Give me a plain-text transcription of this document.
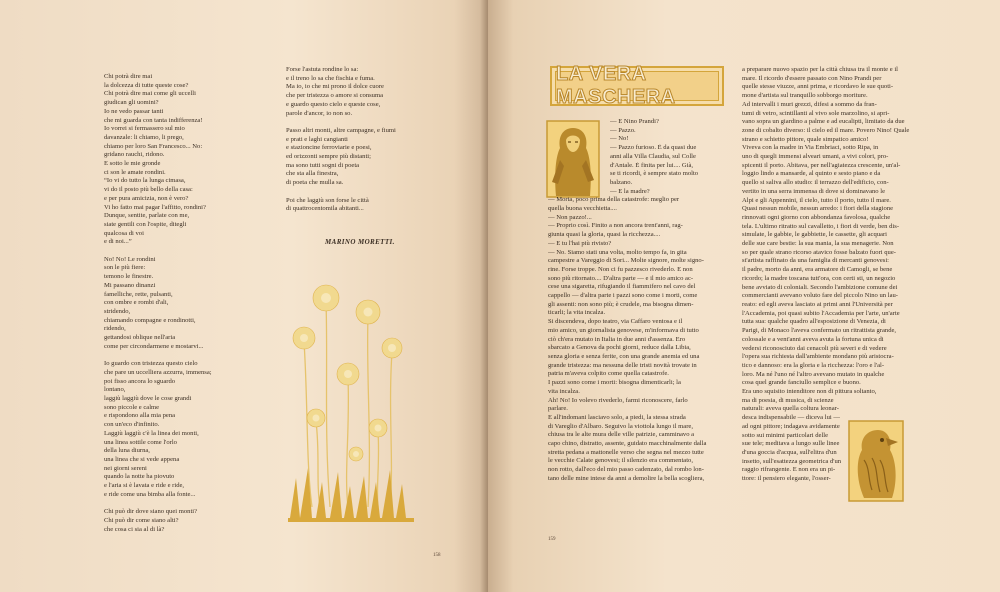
Chi potrà dire mai
la dolcezza di tutte queste cose?
Chi potrà dire mai come gli uccelli
giudican gli uomini?
Io ne vedo passar tanti
che mi guarda con tanta indifferenza!
Io vorrei si fermassero sul mio
davanzale: li chiamo, li prego,
chiamo per loro San Francesco... No:
gridano rauchi, ridono.
E sotto le mie gronde
ci son le amate rondini.
“Io vi do tutto la lunga cimasa,
vi do il posto più bello della casa:
e per pura amicizia, non è vero?
Vi ho fatto mai pagar l'affitto, rondini?
Dunque, sentite, parlate con me,
siate gentili con l'ospite, ditegli
qualcosa di voi
e di noi...”
No! No! Le rondini
son le più fiere:
temono le finestre.
Mi passano dinanzi
famelliche, rette, pulsanti,
con ombre e rombi d'ali,
stridendo,
chiamando compagne e rondinotti,
ridendo,
gettandosi oblique nell'aria
come per circondarmene e mostarvi...
Io guardo con tristezza questo cielo
che pare un uccelliera azzurra, immensa;
poi fisso ancora lo sguardo
lontano,
laggiù laggiù dove le cose grandi
sono piccole e calme
e rispondono alla mia pena
con un'eco d'infinito.
Laggiù laggiù c'è la linea dei monti,
una linea sottile come l'orlo
della luna diurna,
una linea che si vede appena
nei giorni sereni
quando la notte ha piovuto
e l'aria si è lavata e ride e ride,
e ride come una bimba alla fonte...
Chi può dir dove siano quei monti?
Chi può dir come siano alti?
che cosa ci sia al di là?
Forse l'astuta rondine lo sa:
e il treno lo sa che fischia e fuma.
Ma io, io che mi prono il dolce cuore
che per tristezza o amore si consuma
e guardo questo cielo e queste cose,
parole d'ancor, io non so.
Passo altri monti, altre campagne, e fiumi
e prati e laghi cangianti
e stazioncine ferroviarie e poesi,
ed orizzonti sempre più distanti;
ma sono tutti sogni di poeta
che sta alla finestra,
di poeta che mulla sa.
Poi che laggiù son forse le città
di quattrocentomila abitanti...
MARINO MORETTI.
158
LA VERA MASCHERA
— E Nino Prandi?
— Pazzo.
— No!
— Pazzo furioso. È da quasi due
anni alla Villa Claudia, sul Colle
d'Antale. È finita per lui.... Già,
se ti ricordi, è sempre stato molto
balzano.
— E la madre?
— Morta, poco prima della catastrofe: meglio per
quella buona vecchietta....
— Non pazzo!...
— Proprio così. Finito a non ancora trent'anni, rag-
giunta quasi la gloria, quasi la ricchezza....
— E tu l'hai più rivisto?
— No. Siamo stati una volta, molto tempo fa, in gita
campestre a Vareggio di Sori... Molte signore, molte signo-
rine. Forse troppe. Non ci fu pazzesco rivederlo. E non
sono più ritornato.... D'altra parte — e il mio amico ac-
cese una sigaretta, rifugiando il fiammifero nel cavo del
cappello — d'altra parte i pazzi sono come i morti, come
gli assenti: non sono più; è crudele, ma bisogna dimen-
ticarli; la vita incalza.
Si discendeva, dopo teatro, via Caffaro ventosa e il
mio amico, un giornalista genovese, m'informava di tutto
ciò ch'era mutato in Italia in due anni d'assenza. Ero
sbarcato a Genova da pochi giorni, reduce dalla Libia,
senza gloria e senza ferite, con una grande anemia ed una
grande tristezza: ma nessuna delle tristi novità trovate in
patria m'aveva colpito come quella catastrofe.
I pazzi sono come i morti: bisogna dimenticarli; la
vita incalza.
Ah! No! Io volevo rivederlo, farmi riconoscere, farlo
parlare.
E all'indomani lasciavo solo, a piedi, la stessa strada
di Vareglio d'Albaro. Seguivo la viottola lungo il mare,
chiusa tra le alte mura delle ville patrizie, camminavo a
capo chino, distratto, assente, guidato macchinalmente dalla
stretta pedana a mattonelle verso che segna nel mezzo tutte
le vecchie Calate genovesi; il silenzio era commentato,
non rotto, dall'eco del mio passo cadenzato, dal rombo lon-
tano delle mine intese da anni a demolire la bella scogliera,
a preparare nuovo spazio per la città chiusa tra il monte e il
mare. Il ricordo d'essere passato con Nino Prandi per
quelle stesse viuzze, anni prima, e ricordavo le sue quoti-
mone d'artista sul tranquillo sobborgo moriture.
Ad intervalli i muri grezzi, difesi a sommo da fran-
tumi di vetro, scintillanti al vivo sole marzolino, si apri-
vano sopra un giardino a palme e ad eucalipti, limitato da due
zone di cobalto diverso: il cielo ed il mare. Povero Nino! Quale
strano e schietto pittore, quale simpatico amico!
Viveva con la madre in Via Embriaci, sotto Ripa, in
uno di quegli immensi alveari umani, a vivi colori, pro-
spicenti il porto. Abitava, per nell'agiatezza crescente, un'al-
loggio lindo a mansarde, al quinto e sesto piano e da
quello si saliva allo studio: il terrazzo dell'edificio, con-
vertito in una serra immensa di dove si dominavano le
Alpi e gli Appennini, il cielo, tutto il porto, tutto il mare.
Quasi nessun mobile, nessun arredo: i fiori della stagione
rinnovati ogni giorno con abbondanza favolosa, qualche
tela. L'ultimo ritratto sul cavalletto, i fiori di verde, ben dis-
simulate, le gabbie, le gabbiette, le cassette, gli acquari
delle sue care bestie: la sua mania, la sua menagerie. Non
so per quale strano ricorso atavico fosse balzato fuori que-
st'artista raffinato da una famiglia di mercanti genovesi:
il padre, morto da anni, era armatore di Camogli, se bene
ricordo; la madre toscana tutt'ora, con certi sti, un negozio
bene avviato di coloniali. Secondo l'ambizione comune dei
commercianti avevano voluto fare del piccolo Nino un lau-
reato: ed egli aveva lasciato ai primi anni l'Università per
l'Accademia, poi quasi subito l'Accademia per l'arte, un'arte
tutta sua: qualche quadro all'esposizione di Venezia, di
Parigi, di Monaco l'aveva confermato un ritrattista grande,
colossale e a vent'anni aveva avuta la fortuna unica di
vedersi riconosciuto dai cenacoli più severi e di vedere
l'opera sua richiesta dall'ambiente mondano più aristocra-
tico e dannoso: era la gloria e la ricchezza: l'oro e l'al-
loro. Ma né l'uno né l'altro avevano mutato in qualche
cosa quel grande fanciullo semplice e buono.
Era uno squisito intenditore non di pittura soltanto,
ma di poesia, di musica, di scienze
naturali: aveva quella coltura leonar-
desca indispensabile — diceva lui —
ad ogni pittore; indagava avidamente
sotto sui minimi particolari delle
sue tele; meditava a lungo sulle linee
d'una goccia d'acqua, sull'elitra d'un
insetto, sull'esattezza geometrica d'un
raggio rifrangente. E non era un pi-
ttore: il pensiero elegante, l'osser-
159
